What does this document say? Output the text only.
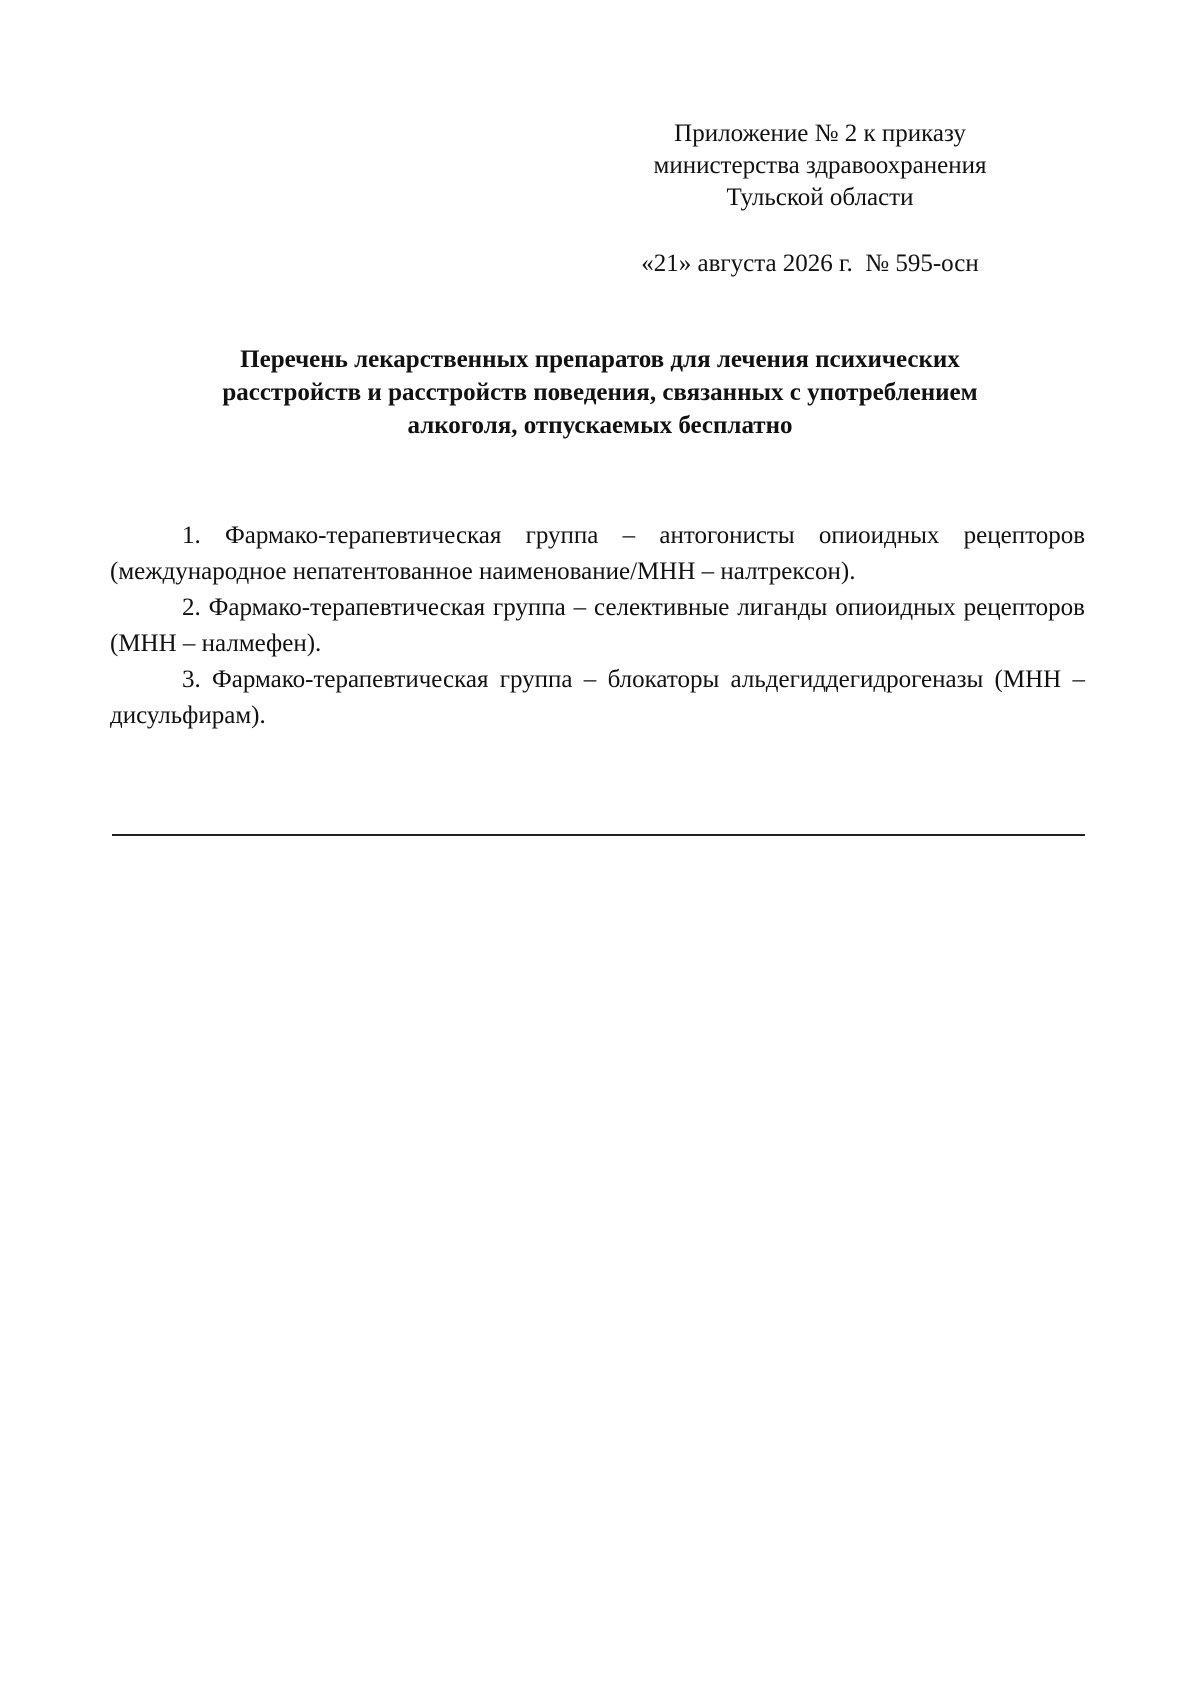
Приложение № 2 к приказу
министерства здравоохранения
Тульской области
«21» августа 2026 г.  № 595-осн
Перечень лекарственных препаратов для лечения психических
расстройств и расстройств поведения, связанных с употреблением
алкоголя, отпускаемых бесплатно

1. Фармако-терапевтическая группа – антогонисты опиоидных рецепторов (международное непатентованное наименование/МНН – налтрексон).

2. Фармако-терапевтическая группа – селективные лиганды опиоидных рецепторов (МНН – налмефен).

3. Фармако-терапевтическая группа – блокаторы альдегиддегидрогеназы (МНН – дисульфирам).
